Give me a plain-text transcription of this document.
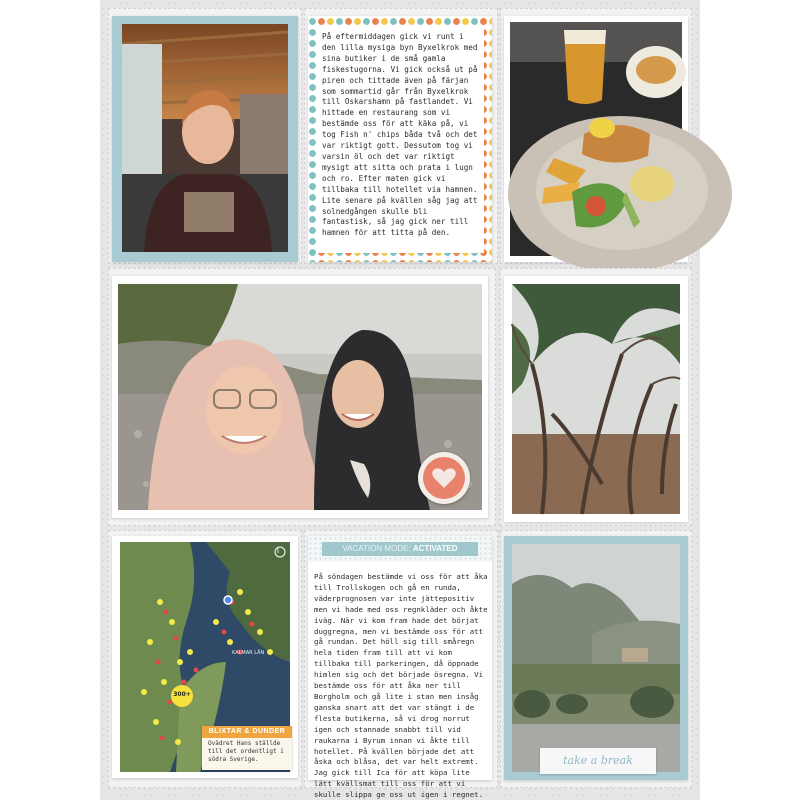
På eftermiddagen gick vi runt i den lilla mysiga byn Byxelkrok med sina butiker i de små gamla fiskestugorna. Vi gick också ut på piren och tittade även på färjan som sommartid går från Byxelkrok till Oskarshamn på fastlandet. Vi hittade en restaurang som vi bestämde oss för att käka på, vi tog Fish n' chips båda två och det var riktigt gott. Dessutom tog vi varsin öl och det var riktigt mysigt att sitta och prata i lugn och ro. Efter maten gick vi tillbaka till hotellet via hamnen. Lite senare på kvällen såg jag att solnedgången skulle bli fantastisk, så jag gick ner till hamnen för att titta på den.
i
300+
KALMAR LÄN
BLIXTAR & DUNDER
Ovädret Hans ställde till det ordentligt i södra Sverige.
VACATION MODE: ACTIVATED
På söndagen bestämde vi oss för att åka till Trollskogen och gå en runda, väderprognosen var inte jättepositiv men vi hade med oss regnkläder och åkte iväg. När vi kom fram hade det börjat duggregna, men vi bestämde oss för att gå rundan. Det höll sig till småregn hela tiden fram till att vi kom tillbaka till parkeringen, då öppnade himlen sig och det började ösregna. Vi bestämde oss för att åka ner till Borgholm och gå lite i stan men insåg ganska snart att det var stängt i de flesta butikerna, så vi drog norrut igen och stannade snabbt till vid raukarna i Byrum innan vi åkte till hotellet. På kvällen började det att åska och blåsa, det var helt extremt. Jag gick till Ica för att köpa lite lätt kvällsmat till oss för att vi skulle slippa ge oss ut igen i regnet.
take a break
